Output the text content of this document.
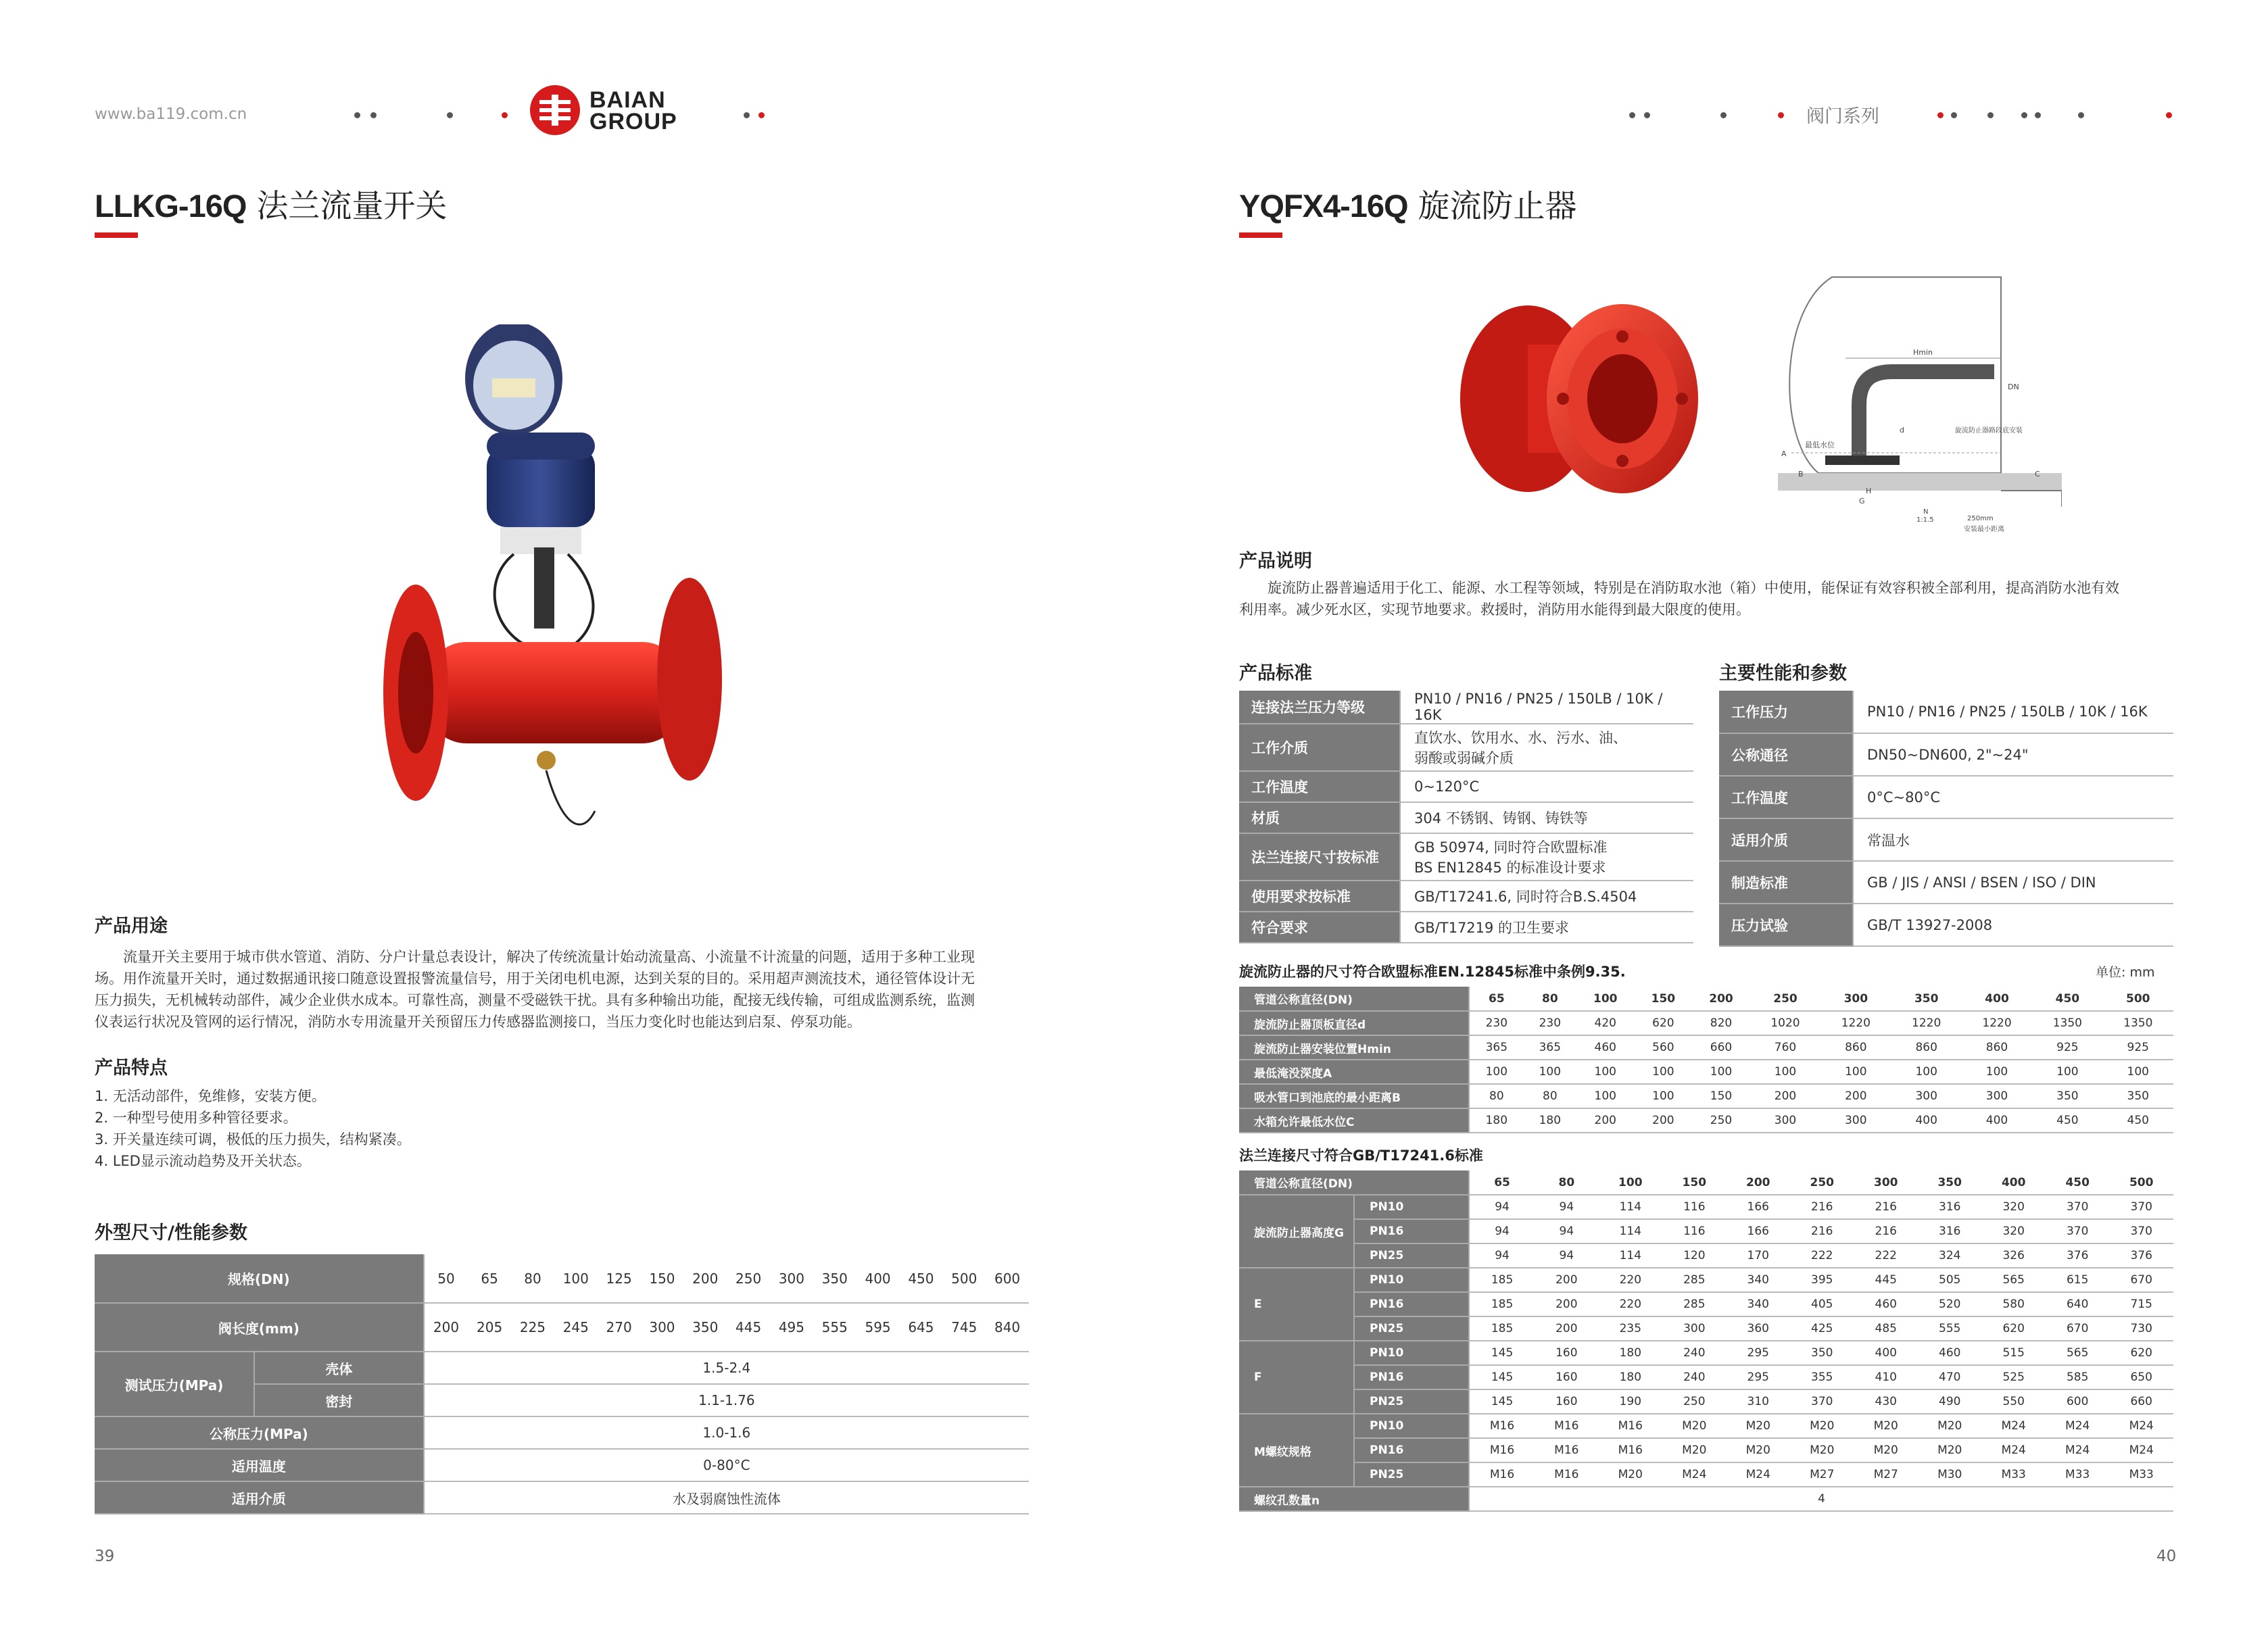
www.ba119.com.cn
BAIAN
GROUP	阀门系列
LLKG-16Q 法兰流量开关
产品用途
　　流量开关主要用于城市供水管道、消防、分户计量总表设计，解决了传统流量计始动流量高、小流量不计流量的问题，适用于多种工业现
场。用作流量开关时，通过数据通讯接口随意设置报警流量信号，用于关闭电机电源，达到关泵的目的。采用超声测流技术，通径管体设计无
压力损失，无机械转动部件，减少企业供水成本。可靠性高，测量不受磁铁干扰。具有多种输出功能，配接无线传输，可组成监测系统，监测
仪表运行状况及管网的运行情况，消防水专用流量开关预留压力传感器监测接口，当压力变化时也能达到启泵、停泵功能。
产品特点
1. 无活动部件，免维修，安装方便。
2. 一种型号使用多种管径要求。
3. 开关量连续可调，极低的压力损失，结构紧凑。
4. LED显示流动趋势及开关状态。
外型尺寸/性能参数
规格(DN)		50	65	80	100	125	150	200	250	300	350	400	450	500	600
阀长度(mm)		200	205	225	245	270	300	350	445	495	555	595	645	745	840
测试压力(MPa)	壳体	1.5-2.4													
	密封	1.1-1.76													
公称压力(MPa)		1.0-1.6													
适用温度		0-80°C													
适用介质		水及弱腐蚀性流体													
39
YQFX4-16Q 旋流防止器
Hmin
DN
最低水位
旋流防止器路段底安装
250mm
安装最小距离
A
B	C
G
d
N
1:1.5
H
产品说明
　　旋流防止器普遍适用于化工、能源、水工程等领域，特别是在消防取水池（箱）中使用，能保证有效容积被全部利用，提高消防水池有效
利用率。减少死水区，实现节地要求。救援时，消防用水能得到最大限度的使用。
产品标准
连接法兰压力等级	PN10 / PN16 / PN25 / 150LB / 10K / 16K

工作介质	直饮水、饮用水、水、污水、油、
弱酸或弱碱介质

工作温度	0~120°C

材质	304 不锈钢、铸钢、铸铁等

法兰连接尺寸按标准	GB 50974, 同时符合欧盟标准
BS EN12845 的标准设计要求

使用要求按标准	GB/T17241.6, 同时符合B.S.4504

符合要求	GB/T17219 的卫生要求
主要性能和参数
工作压力	PN10 / PN16 / PN25 / 150LB / 10K / 16K
公称通径	DN50~DN600, 2"~24"
工作温度	0°C~80°C
适用介质	常温水
制造标准	GB / JIS / ANSI / BSEN / ISO / DIN
压力试验	GB/T 13927-2008
旋流防止器的尺寸符合欧盟标准EN.12845标准中条例9.35.	单位: mm
管道公称直径(DN)	65	80	100	150	200	250	300	350	400	450	500
旋流防止器顶板直径d	230	230	420	620	820	1020	1220	1220	1220	1350	1350
旋流防止器安装位置Hmin	365	365	460	560	660	760	860	860	860	925	925
最低淹没深度A	100	100	100	100	100	100	100	100	100	100	100
吸水管口到池底的最小距离B	80	80	100	100	150	200	200	300	300	350	350
水箱允许最低水位C	180	180	200	200	250	300	300	400	400	450	450
法兰连接尺寸符合GB/T17241.6标准
管道公称直径(DN)		65	80	100	150	200	250	300	350	400	450	500
旋流防止器高度G	PN10	94	94	114	116	166	216	216	316	320	370	370
	PN16	94	94	114	116	166	216	216	316	320	370	370
	PN25	94	94	114	120	170	222	222	324	326	376	376
E	PN10	185	200	220	285	340	395	445	505	565	615	670
	PN16	185	200	220	285	340	405	460	520	580	640	715
	PN25	185	200	235	300	360	425	485	555	620	670	730
F	PN10	145	160	180	240	295	350	400	460	515	565	620
	PN16	145	160	180	240	295	355	410	470	525	585	650
	PN25	145	160	190	250	310	370	430	490	550	600	660
M螺纹规格	PN10	M16	M16	M16	M20	M20	M20	M20	M20	M24	M24	M24
	PN16	M16	M16	M16	M20	M20	M20	M20	M20	M24	M24	M24
	PN25	M16	M16	M20	M24	M24	M27	M27	M30	M33	M33	M33
螺纹孔数量n		4										
40
